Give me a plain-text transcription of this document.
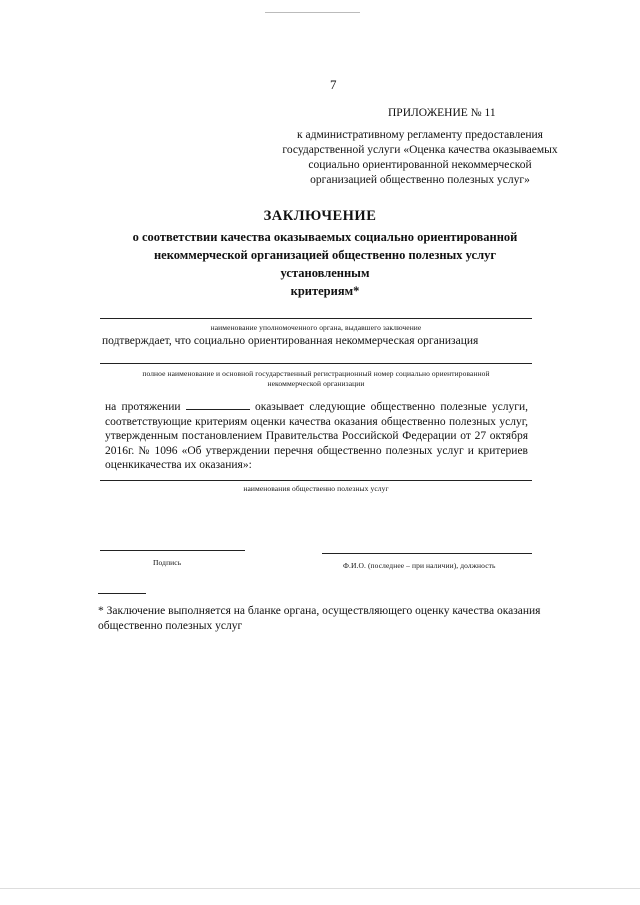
7
ПРИЛОЖЕНИЕ № 11
к административному регламенту предоставления
государственной услуги «Оценка качества оказываемых
социально ориентированной некоммерческой
организацией общественно полезных услуг»
ЗАКЛЮЧЕНИЕ
о соответствии качества оказываемых социально ориентированной
некоммерческой организацией общественно полезных услуг установленным
критериям*
наименование уполномоченного органа, выдавшего заключение
подтверждает, что социально ориентированная некоммерческая организация
полное наименование и основной государственный регистрационный номер социально ориентированной
некоммерческой организации
на протяжении	оказывает следующие общественно полезные услуги, соответствующие критериям оценки качества оказания общественно полезных услуг, утвержденным постановлением Правительства Российской Федерации от 27 октября 2016г. № 1096 «Об утверждении перечня общественно полезных услуг и критериев оценкикачества их оказания»:
наименования общественно полезных услуг
Подпись	Ф.И.О. (последнее – при наличии), должность
* Заключение выполняется на бланке органа, осуществляющего оценку качества оказания общественно полезных услуг
